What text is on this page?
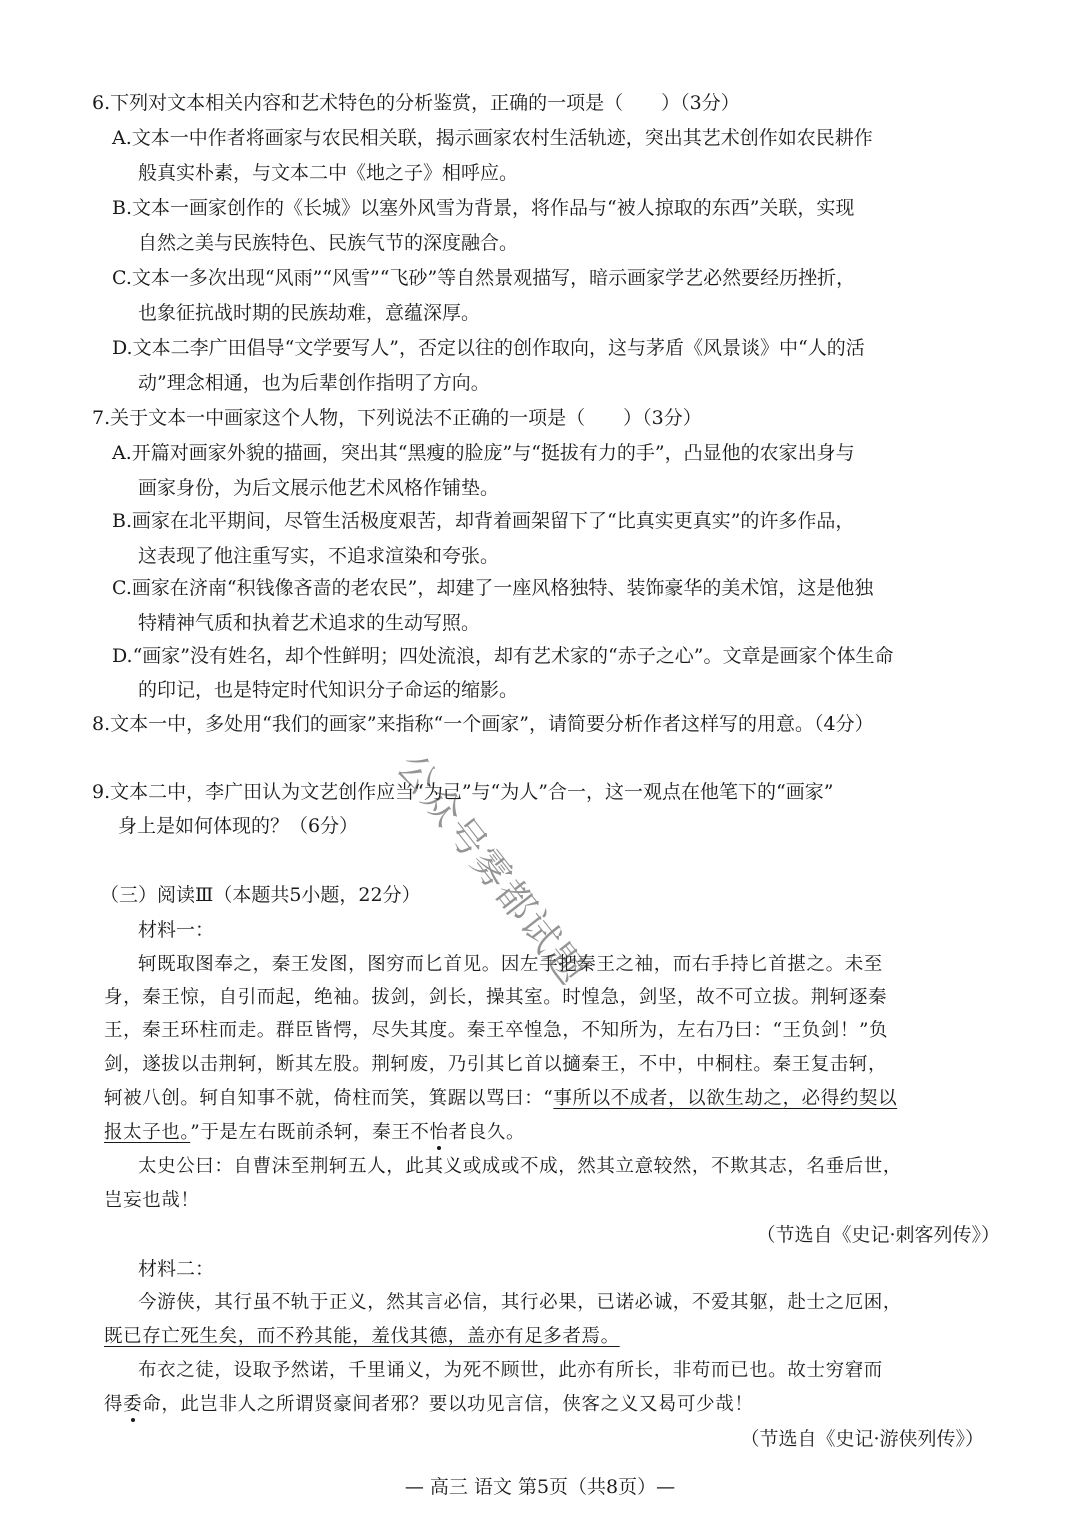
6.下列对文本相关内容和艺术特色的分析鉴赏，正确的一项是（　　）（3分）
A.文本一中作者将画家与农民相关联，揭示画家农村生活轨迹，突出其艺术创作如农民耕作
般真实朴素，与文本二中《地之子》相呼应。
B.文本一画家创作的《长城》以塞外风雪为背景，将作品与“被人掠取的东西”关联，实现
自然之美与民族特色、民族气节的深度融合。
C.文本一多次出现“风雨”“风雪”“飞砂”等自然景观描写，暗示画家学艺必然要经历挫折，
也象征抗战时期的民族劫难，意蕴深厚。
D.文本二李广田倡导“文学要写人”，否定以往的创作取向，这与茅盾《风景谈》中“人的活
动”理念相通，也为后辈创作指明了方向。
7.关于文本一中画家这个人物，下列说法不正确的一项是（　　）（3分）
A.开篇对画家外貌的描画，突出其“黑瘦的脸庞”与“挺拔有力的手”，凸显他的农家出身与
画家身份，为后文展示他艺术风格作铺垫。
B.画家在北平期间，尽管生活极度艰苦，却背着画架留下了“比真实更真实”的许多作品，
这表现了他注重写实，不追求渲染和夸张。
C.画家在济南“积钱像吝啬的老农民”，却建了一座风格独特、装饰豪华的美术馆，这是他独
特精神气质和执着艺术追求的生动写照。
D.“画家”没有姓名，却个性鲜明；四处流浪，却有艺术家的“赤子之心”。文章是画家个体生命
的印记，也是特定时代知识分子命运的缩影。
8.文本一中，多处用“我们的画家”来指称“一个画家”，请简要分析作者这样写的用意。（4分）
9.文本二中，李广田认为文艺创作应当“为己”与“为人”合一，这一观点在他笔下的“画家”
身上是如何体现的？（6分）
（三）阅读Ⅲ（本题共5小题，22分）
材料一：
轲既取图奉之，秦王发图，图穷而匕首见。因左手把秦王之袖，而右手持匕首揕之。未至
身，秦王惊，自引而起，绝袖。拔剑，剑长，操其室。时惶急，剑坚，故不可立拔。荆轲逐秦
王，秦王环柱而走。群臣皆愕，尽失其度。秦王卒惶急，不知所为，左右乃曰：“王负剑！”负
剑，遂拔以击荆轲，断其左股。荆轲废，乃引其匕首以擿秦王，不中，中桐柱。秦王复击轲，
轲被八创。轲自知事不就，倚柱而笑，箕踞以骂曰：“事所以不成者，以欲生劫之，必得约契以
报太子也。”于是左右既前杀轲，秦王不怡者良久。
太史公曰：自曹沫至荆轲五人，此其义或成或不成，然其立意较然，不欺其志，名垂后世，
岂妄也哉！
（节选自《史记·刺客列传》）
材料二：
今游侠，其行虽不轨于正义，然其言必信，其行必果，已诺必诚，不爱其躯，赴士之厄困，
既已存亡死生矣，而不矜其能，羞伐其德，盖亦有足多者焉。
布衣之徒，设取予然诺，千里诵义，为死不顾世，此亦有所长，非苟而已也。故士穷窘而
得委命，此岂非人之所谓贤豪间者邪？要以功见言信，侠客之义又曷可少哉！
（节选自《史记·游侠列传》）
— 高三 语文 第5页（共8页）—
公众号雾都试题
